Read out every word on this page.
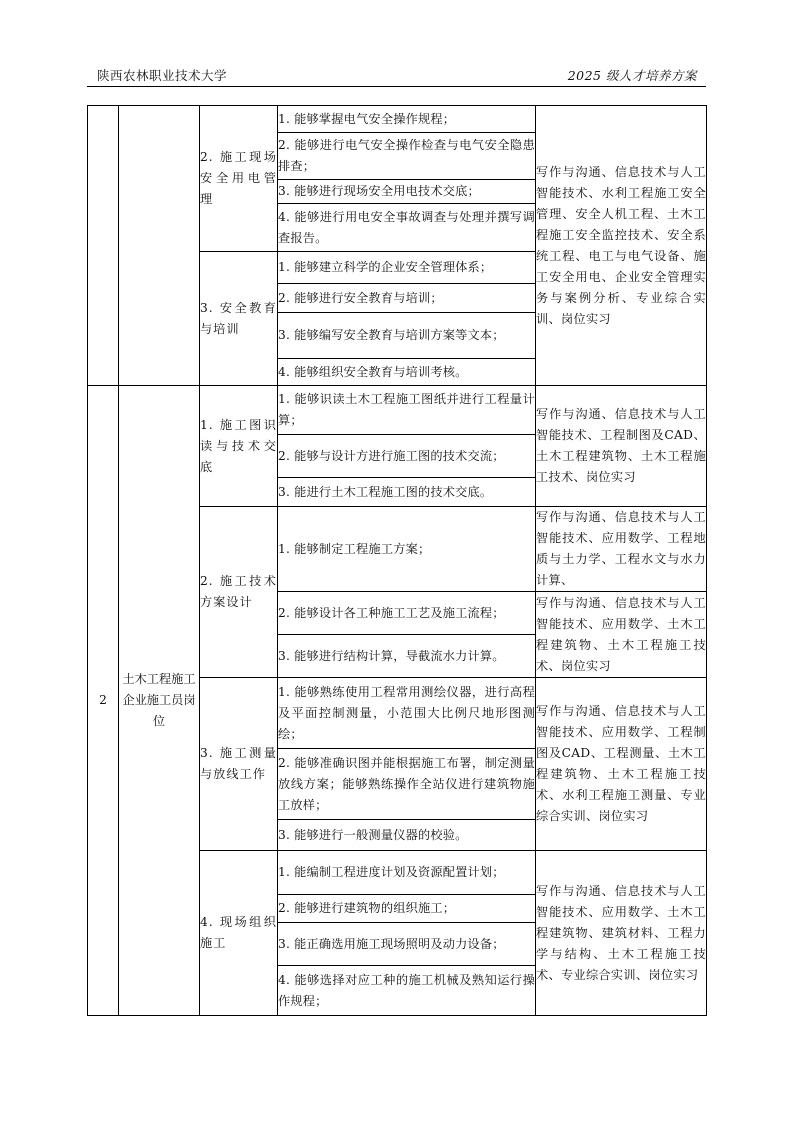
陕西农林职业技术大学	2025 级人才培养方案
		2. 施工现场安全用电管理	1. 能够掌握电气安全操作规程；	写作与沟通、信息技术与人工智能技术、水利工程施工安全管理、安全人机工程、土木工程施工安全监控技术、安全系统工程、电工与电气设备、施工安全用电、企业安全管理实务与案例分析、专业综合实训、岗位实习
			2. 能够进行电气安全操作检查与电气安全隐患排查；	
			3. 能够进行现场安全用电技术交底；	
			4. 能够进行用电安全事故调查与处理并撰写调查报告。	
		3. 安全教育与培训	1. 能够建立科学的企业安全管理体系；	
			2. 能够进行安全教育与培训；	
			3. 能够编写安全教育与培训方案等文本；	
			4. 能够组织安全教育与培训考核。	
2	土木工程施工企业施工员岗位	1. 施工图识读与技术交底	1. 能够识读土木工程施工图纸并进行工程量计算；	写作与沟通、信息技术与人工智能技术、工程制图及CAD、土木工程建筑物、土木工程施工技术、岗位实习
			2. 能够与设计方进行施工图的技术交流；	
			3. 能进行土木工程施工图的技术交底。	
		2. 施工技术方案设计	1. 能够制定工程施工方案；	写作与沟通、信息技术与人工智能技术、应用数学、工程地质与土力学、工程水文与水力计算、
			2. 能够设计各工种施工工艺及施工流程；	写作与沟通、信息技术与人工智能技术、应用数学、土木工程建筑物、土木工程施工技术、岗位实习
			3. 能够进行结构计算，导截流水力计算。	
		3. 施工测量与放线工作	1. 能够熟练使用工程常用测绘仪器，进行高程及平面控制测量，小范围大比例尺地形图测绘；	写作与沟通、信息技术与人工智能技术、应用数学、工程制图及CAD、工程测量、土木工程建筑物、土木工程施工技术、水利工程施工测量、专业综合实训、岗位实习
			2. 能够准确识图并能根据施工布署，制定测量放线方案；能够熟练操作全站仪进行建筑物施工放样；	
			3. 能够进行一般测量仪器的校验。	
		4. 现场组织施工	1. 能编制工程进度计划及资源配置计划；	写作与沟通、信息技术与人工智能技术、应用数学、土木工程建筑物、建筑材料、工程力学与结构、土木工程施工技术、专业综合实训、岗位实习
			2. 能够进行建筑物的组织施工；	
			3. 能正确选用施工现场照明及动力设备；	
			4. 能够选择对应工种的施工机械及熟知运行操作规程；	
